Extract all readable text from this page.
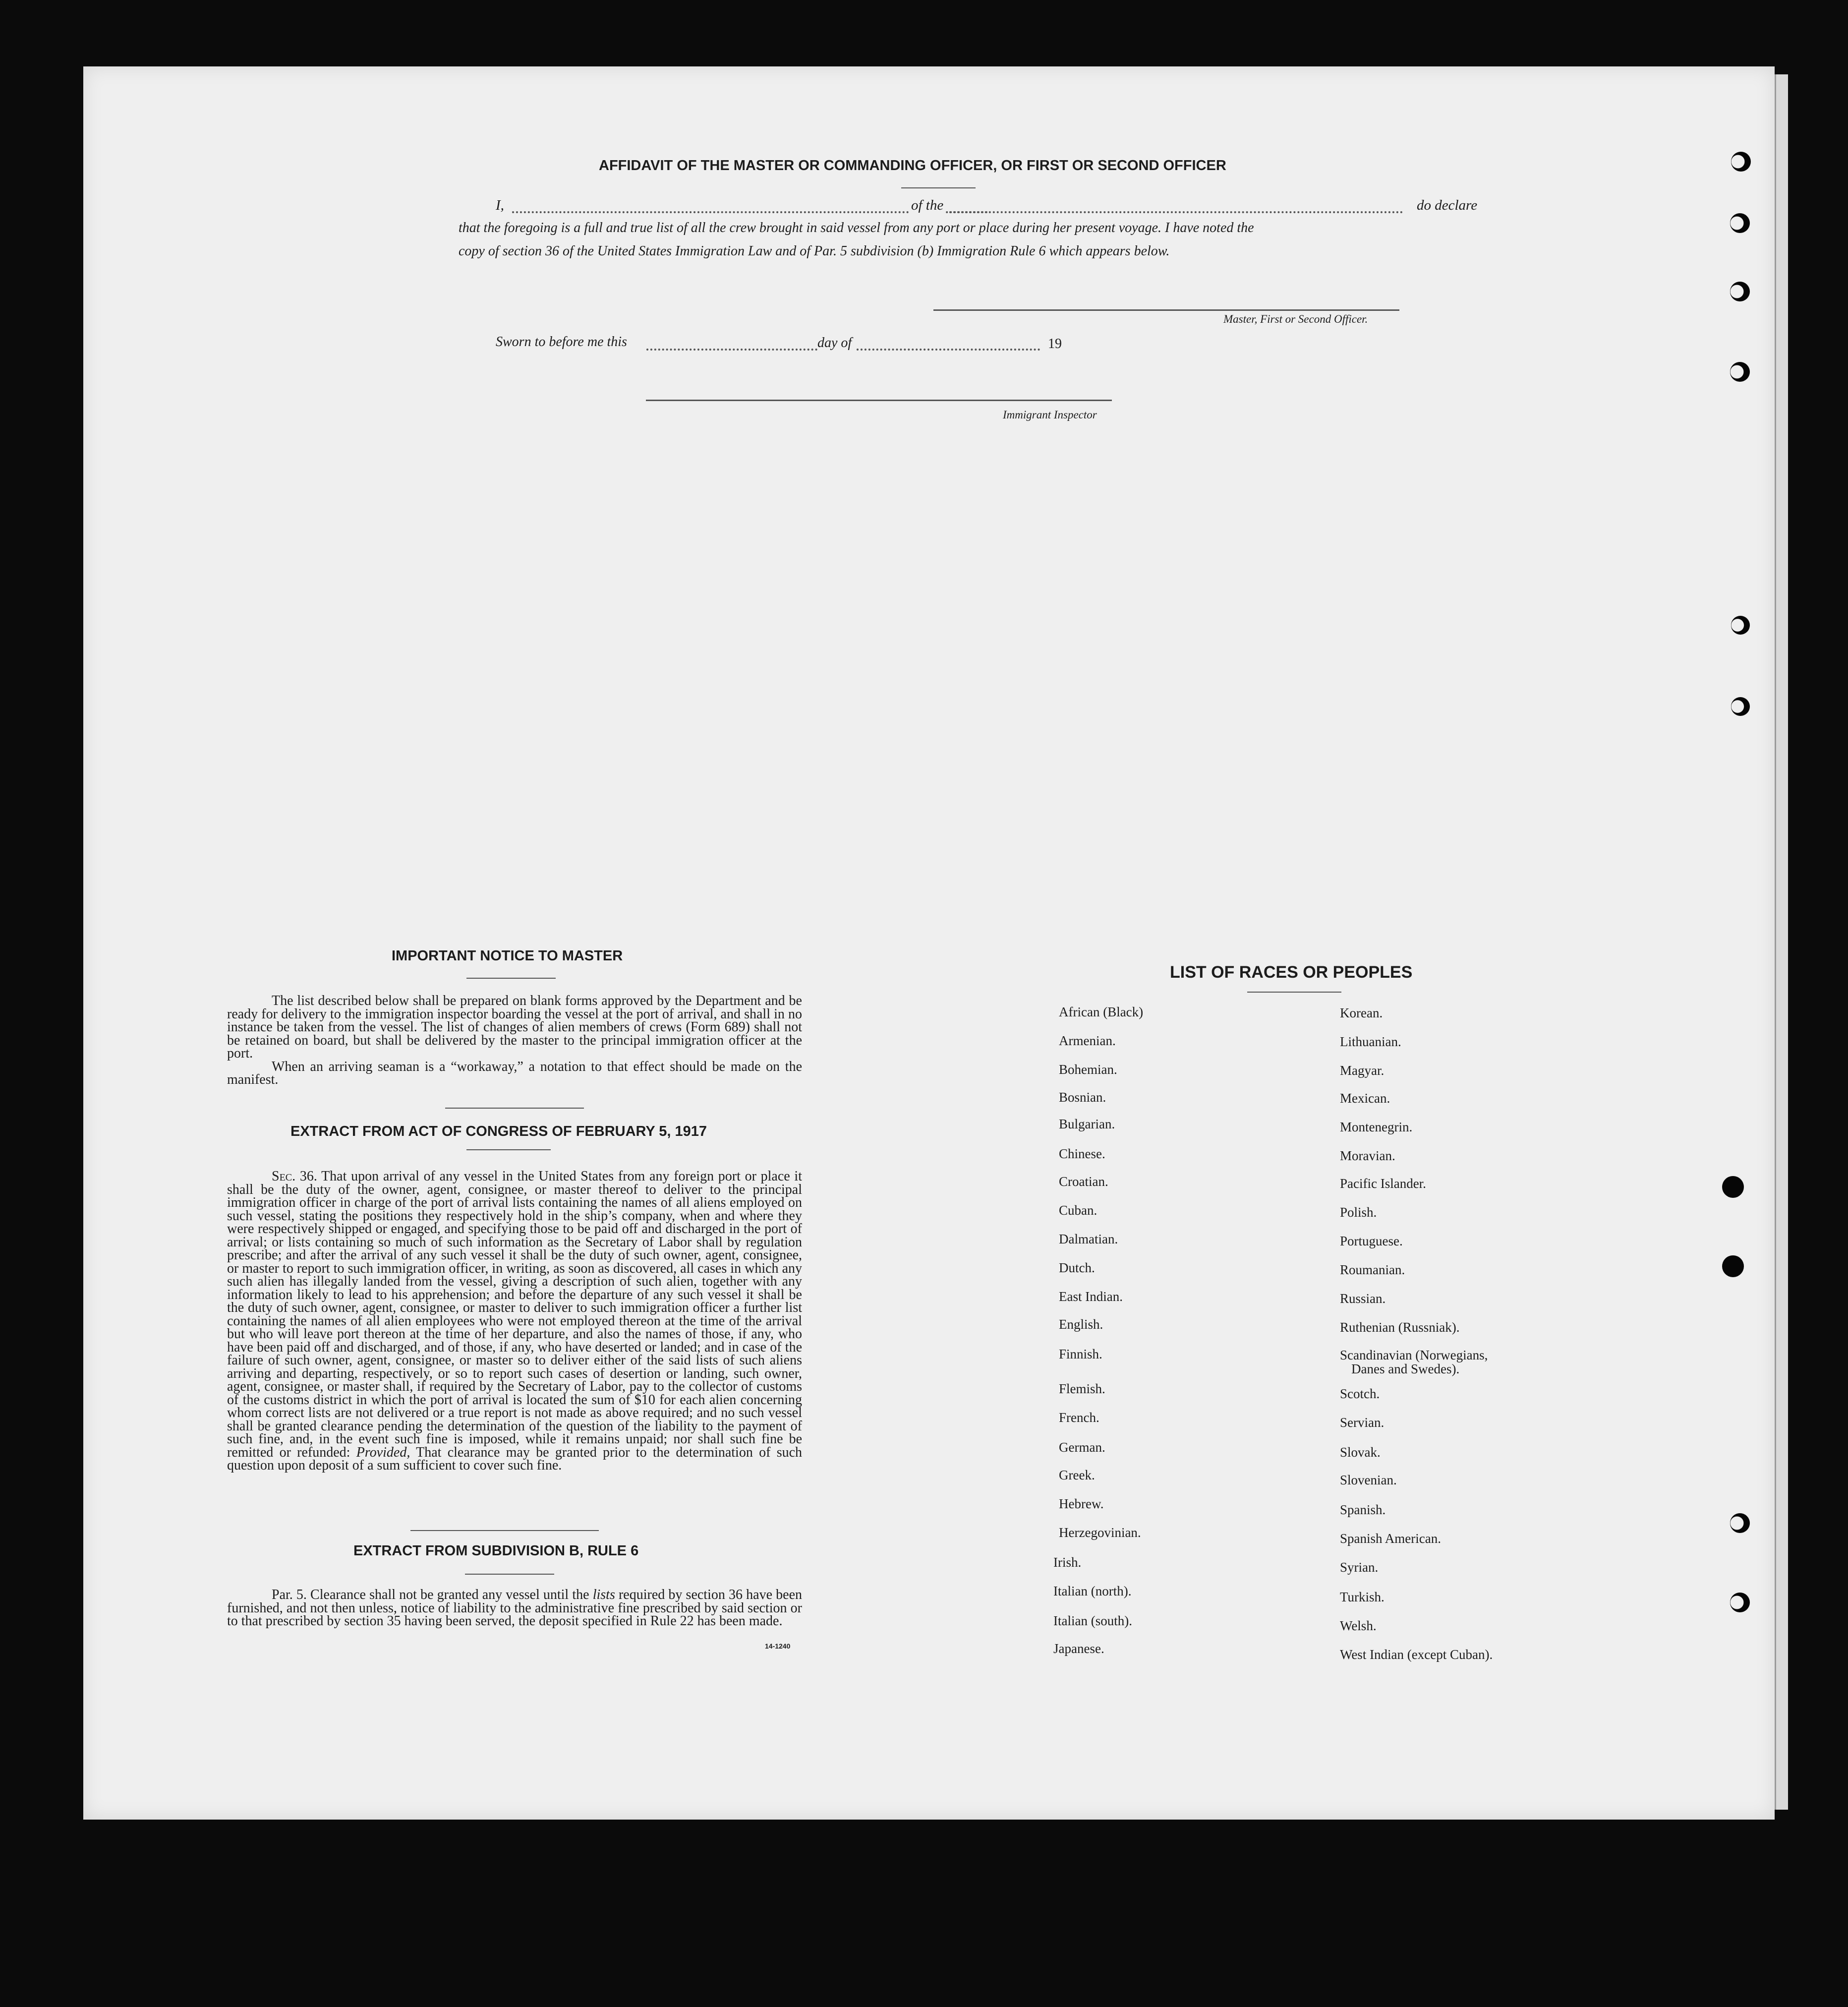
AFFIDAVIT OF THE MASTER OR COMMANDING OFFICER, OR FIRST OR SECOND OFFICER
I,	of the	do declare
that the foregoing is a full and true list of all the crew brought in said vessel from any port or place during her present voyage. I have noted the
copy of section 36 of the United States Immigration Law and of Par. 5 subdivision (b) Immigration Rule 6 which appears below.
Master, First or Second Officer.
Sworn to before me this	day of	19
Immigrant Inspector
IMPORTANT NOTICE TO MASTER

The list described below shall be prepared on blank forms approved by the Department and be ready for delivery to the immigration inspector boarding the vessel at the port of arrival, and shall in no instance be taken from the vessel. The list of changes of alien members of crews (Form 689) shall not be retained on board, but shall be delivered by the master to the principal immigration officer at the port.

When an arriving seaman is a “workaway,” a notation to that effect should be made on the manifest.

EXTRACT FROM ACT OF CONGRESS OF FEBRUARY 5, 1917

Sec. 36. That upon arrival of any vessel in the United States from any foreign port or place it shall be the duty of the owner, agent, consignee, or master thereof to deliver to the principal immigration officer in charge of the port of arrival lists containing the names of all aliens employed on such vessel, stating the positions they respectively hold in the ship’s company, when and where they were respectively shipped or engaged, and specifying those to be paid off and discharged in the port of arrival; or lists containing so much of such information as the Secretary of Labor shall by regulation prescribe; and after the arrival of any such vessel it shall be the duty of such owner, agent, consignee, or master to report to such immigration officer, in writing, as soon as discovered, all cases in which any such alien has illegally landed from the vessel, giving a description of such alien, together with any information likely to lead to his apprehension; and before the departure of any such vessel it shall be the duty of such owner, agent, consignee, or master to deliver to such immigration officer a further list containing the names of all alien employees who were not employed thereon at the time of the arrival but who will leave port thereon at the time of her departure, and also the names of those, if any, who have been paid off and discharged, and of those, if any, who have deserted or landed; and in case of the failure of such owner, agent, consignee, or master so to deliver either of the said lists of such aliens arriving and departing, respectively, or so to report such cases of desertion or landing, such owner, agent, consignee, or master shall, if required by the Secretary of Labor, pay to the collector of customs of the customs district in which the port of arrival is located the sum of $10 for each alien concerning whom correct lists are not delivered or a true report is not made as above required; and no such vessel shall be granted clearance pending the determination of the question of the liability to the payment of such fine, and, in the event such fine is imposed, while it remains unpaid; nor shall such fine be remitted or refunded: Provided, That clearance may be granted prior to the determination of such question upon deposit of a sum sufficient to cover such fine.

EXTRACT FROM SUBDIVISION B, RULE 6

Par. 5. Clearance shall not be granted any vessel until the lists required by section 36 have been furnished, and not then unless, notice of liability to the administrative fine prescribed by said section or to that prescribed by section 35 having been served, the deposit specified in Rule 22 has been made.

14-1240
LIST OF RACES OR PEOPLES
African (Black)
Armenian.
Bohemian.
Bosnian.
Bulgarian.
Chinese.
Croatian.
Cuban.
Dalmatian.
Dutch.
East Indian.
English.
Finnish.
Flemish.
French.
German.
Greek.
Hebrew.
Herzegovinian.
Irish.
Italian (north).
Italian (south).
Japanese.
Korean.
Lithuanian.
Magyar.
Mexican.
Montenegrin.
Moravian.
Pacific Islander.
Polish.
Portuguese.
Roumanian.
Russian.
Ruthenian (Russniak).
Scandinavian (Norwegians,
Danes and Swedes).
Scotch.
Servian.
Slovak.
Slovenian.
Spanish.
Spanish American.
Syrian.
Turkish.
Welsh.
West Indian (except Cuban).
